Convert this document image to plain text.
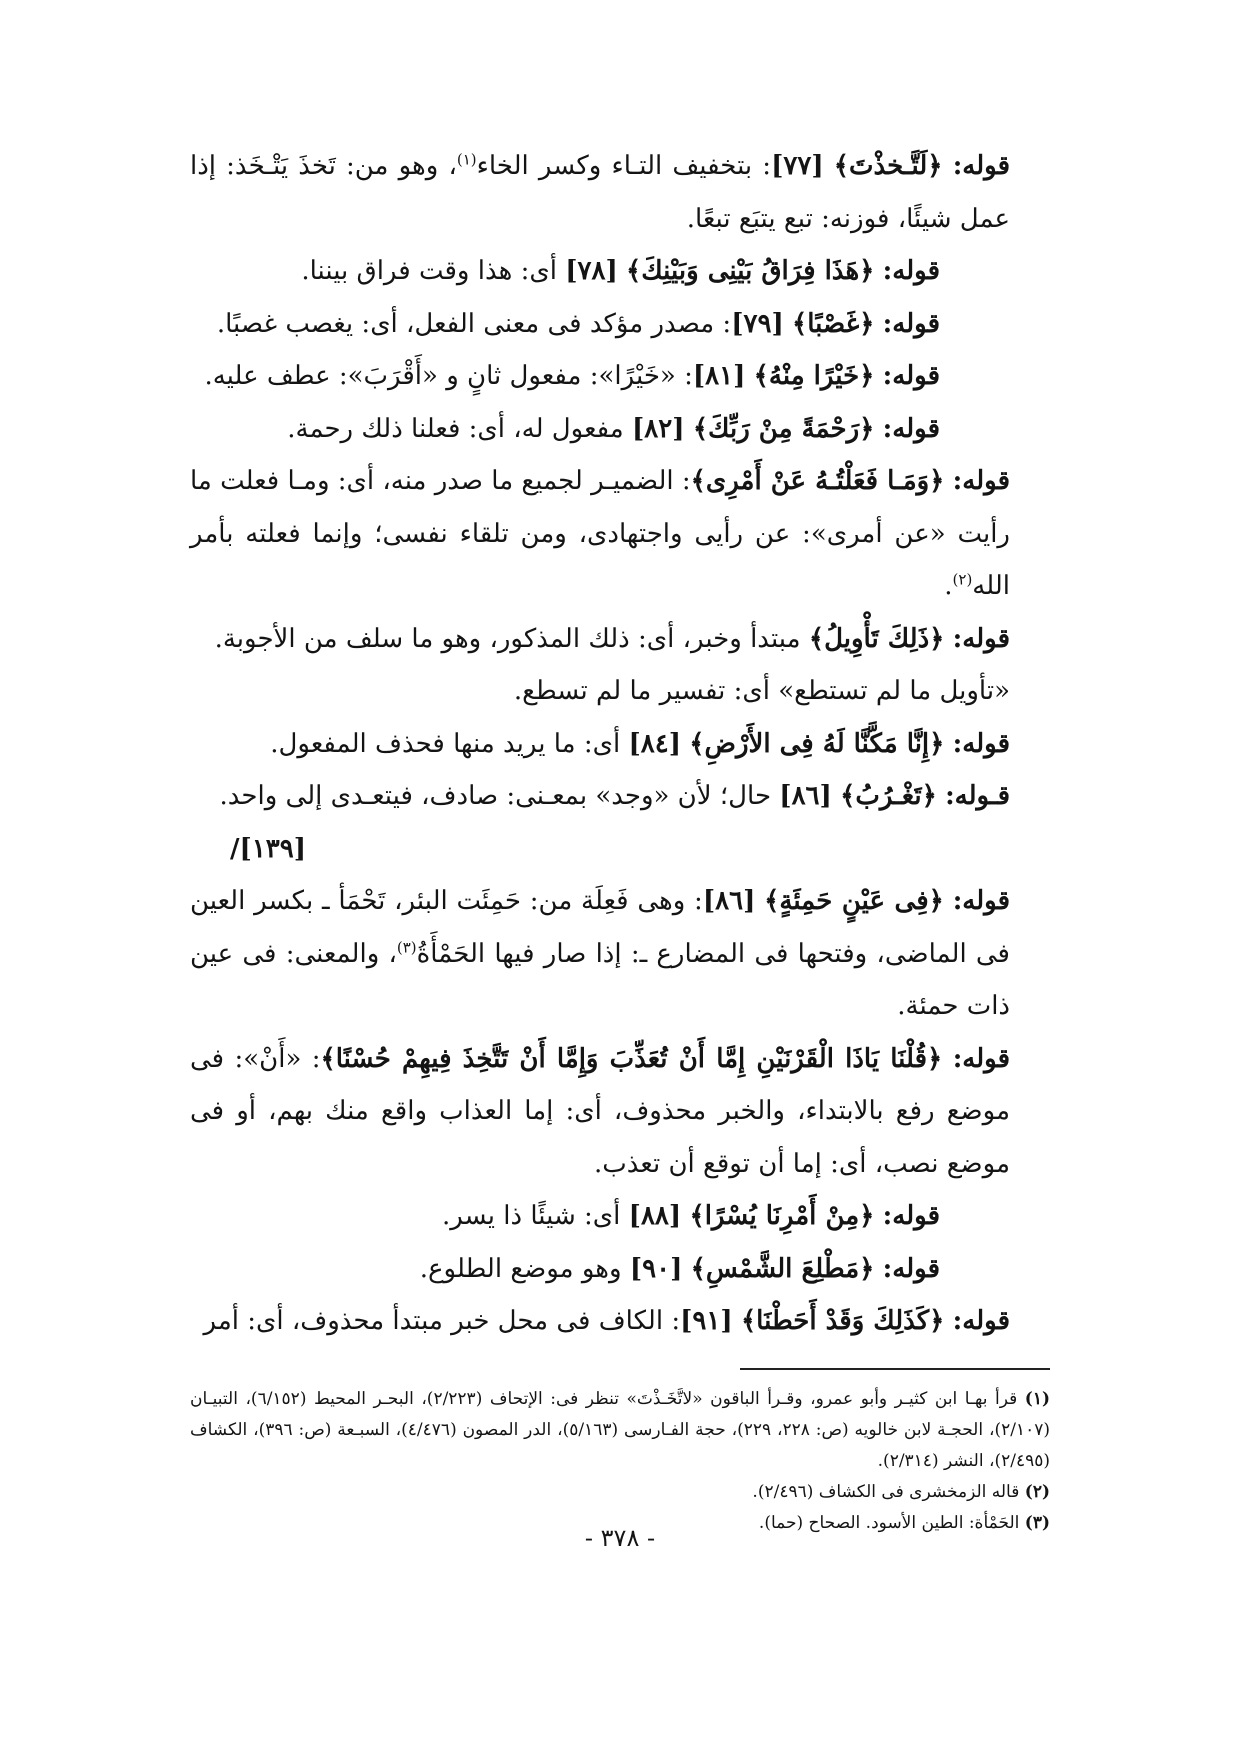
قوله: ﴿لَتَّـخذْتَ﴾ [٧٧]: بتخفيف التـاء وكسر الخاء$^{(١)}$، وهو من: تَخذَ يَتْـخَذ: إذا عمل شيئًا، فوزنه: تبع يتبَع تبعًا.

قوله: ﴿هَذَا فِرَاقُ بَيْنِى وَبَيْنِكَ﴾ [٧٨] أى: هذا وقت فراق بيننا.

قوله: ﴿غَصْبًا﴾ [٧٩]: مصدر مؤكد فى معنى الفعل، أى: يغصب غصبًا.

قوله: ﴿خَيْرًا مِنْهُ﴾ [٨١]: «خَيْرًا»: مفعول ثانٍ و «أَقْرَبَ»: عطف عليه.

قوله: ﴿رَحْمَةً مِنْ رَبِّكَ﴾ [٨٢] مفعول له، أى: فعلنا ذلك رحمة.

قوله: ﴿وَمَـا فَعَلْتُـهُ عَنْ أَمْرِى﴾: الضميـر لجميع ما صدر منه، أى: ومـا فعلت ما رأيت «عن أمرى»: عن رأيى واجتهادى، ومن تلقاء نفسى؛ وإنما فعلته بأمر الله$^{(٢)}$.

قوله: ﴿ذَلِكَ تَأْوِيلُ﴾ مبتدأ وخبر، أى: ذلك المذكور، وهو ما سلف من الأجوبة.

«تأويل ما لم تستطع» أى: تفسير ما لم تسطع.

قوله: ﴿إِنَّا مَكَّنَّا لَهُ فِى الأَرْضِ﴾ [٨٤] أى: ما يريد منها فحذف المفعول.

قـوله: ﴿تَغْـرُبُ﴾ [٨٦] حال؛ لأن «وجد» بمعـنى: صادف، فيتعـدى إلى واحد.

/[١٣٩]

قوله: ﴿فِى عَيْنٍ حَمِئَةٍ﴾ [٨٦]: وهى فَعِلَة من: حَمِئَت البئر، تَحْمَأ ـ بكسر العين فى الماضى، وفتحها فى المضارع ـ: إذا صار فيها الحَمْأَةُ$^{(٣)}$، والمعنى: فى عين ذات حمئة.

قوله: ﴿قُلْنَا يَاذَا الْقَرْنَيْنِ إِمَّا أَنْ تُعَذِّبَ وَإِمَّا أَنْ تَتَّخِذَ فِيهِمْ حُسْنًا﴾: «أَنْ»: فى موضع رفع بالابتداء، والخبر محذوف، أى: إما العذاب واقع منك بهم، أو فى موضع نصب، أى: إما أن توقع أن تعذب.

قوله: ﴿مِنْ أَمْرِنَا يُسْرًا﴾ [٨٨] أى: شيئًا ذا يسر.

قوله: ﴿مَطْلِعَ الشَّمْسِ﴾ [٩٠] وهو موضع الطلوع.

قوله: ﴿كَذَلِكَ وَقَدْ أَحَطْنَا﴾ [٩١]: الكاف فى محل خبر مبتدأ محذوف، أى: أمر

(١) قرأ بهـا ابن كثيـر وأبو عمرو، وقـرأ الباقون «لاتَّخَـذْتَ» تنظر فى: الإتحاف (٢/٢٢٣)، البحـر المحيط (٦/١٥٢)، التبيـان (٢/١٠٧)، الحجـة لابن خالويه (ص: ٢٢٨، ٢٢٩)، حجة الفـارسى (٥/١٦٣)، الدر المصون (٤/٤٧٦)، السبـعة (ص: ٣٩٦)، الكشاف (٢/٤٩٥)، النشر (٢/٣١٤).

(٢) قاله الزمخشرى فى الكشاف (٢/٤٩٦).

(٣) الحَمْأة: الطين الأسود. الصحاح (حما).

- ٣٧٨ -
